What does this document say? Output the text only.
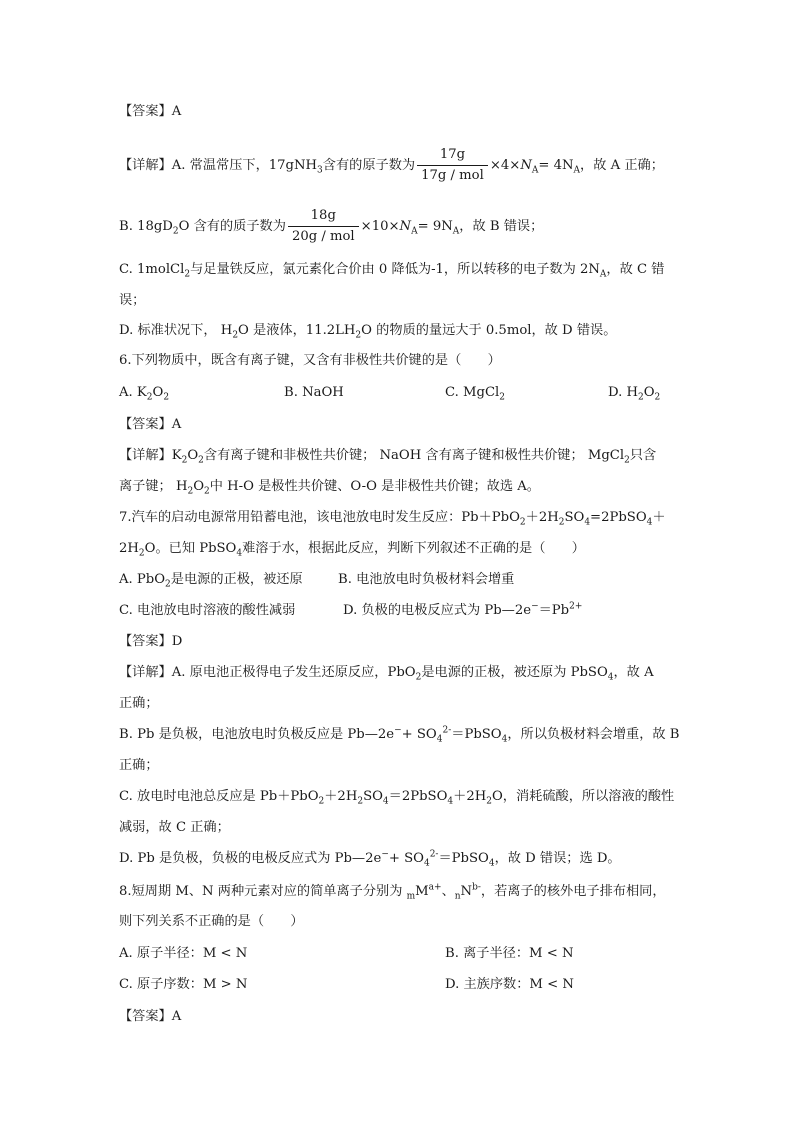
【答案】A
【详解】A. 常温常压下，17gNH$_3$含有的原子数为 $\frac{17g}{\text{17g / mol}} \times 4\times N_A= 4N_A$，故 A 正确；
B. $18gD_2O$ 含有的质子数为 $\frac{18g}{\text{20g / mol}} \times 10\times N_A= 9N_A$，故 B 错误；
C. 1molCl$_2$与足量铁反应，氯元素化合价由 0 降低为-1，所以转移的电子数为 $2N_A$，故 C 错
误；
D. 标准状况下， $H_2O$ 是液体，$11.2LH_2O$ 的物质的量远大于 0.5mol，故 D 错误。
6.下列物质中，既含有离子键，又含有非极性共价键的是（　　）
A. $K_2O_2$	B. NaOH	C. MgCl$_2$	D. $H_2O_2$
【答案】A
【详解】$K_2O_2$含有离子键和非极性共价键； NaOH 含有离子键和极性共价键； MgCl$_2$只含
离子键； $H_2O_2$中 H-O 是极性共价键、O-O 是非极性共价键；故选 A。
7.汽车的启动电源常用铅蓄电池，该电池放电时发生反应：$Pb+PbO_2+2H_2SO_4=2PbSO_4+$
$2H_2O$。已知 PbSO$_4$难溶于水，根据此反应，判断下列叙述不正确的是（　　）
A. PbO$_2$是电源的正极，被还原	B. 电池放电时负极材料会增重
C. 电池放电时溶液的酸性减弱	D. 负极的电极反应式为 $Pb—2e^-=Pb^{2+}$
【答案】D
【详解】A. 原电池正极得电子发生还原反应，PbO$_2$是电源的正极，被还原为 PbSO$_4$，故 A
正确；
B. Pb 是负极，电池放电时负极反应是 Pb—2e−+ $SO_4^{2-}=PbSO_4$，所以负极材料会增重，故 B
正确；
C. 放电时电池总反应是 $Pb+PbO_2+2H_2SO_4=2PbSO_4+2H_2O$，消耗硫酸，所以溶液的酸性
减弱，故 C 正确；
D. Pb 是负极，负极的电极反应式为 Pb—2e−+ $SO_4^{2-}=PbSO_4$，故 D 错误；选 D。
8.短周期 M、N 两种元素对应的简单离子分别为 $_mM^{a+}$、$_nN^{b-}$，若离子的核外电子排布相同，
则下列关系不正确的是（　　）
A. 原子半径：M < N	B. 离子半径：M < N
C. 原子序数：M > N	D. 主族序数：M < N
【答案】A
